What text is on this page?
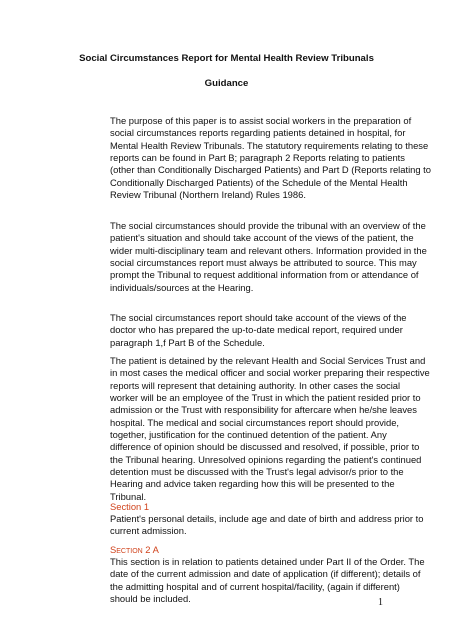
Social Circumstances Report for Mental Health Review Tribunals

Guidance

The purpose of this paper is to assist social workers in the preparation of
social circumstances reports regarding patients detained in hospital, for
Mental Health Review Tribunals. The statutory requirements relating to these
reports can be found in Part B; paragraph 2 Reports relating to patients
(other than Conditionally Discharged Patients) and Part D (Reports relating to
Conditionally Discharged Patients) of the Schedule of the Mental Health
Review Tribunal (Northern Ireland) Rules 1986.
The social circumstances should provide the tribunal with an overview of the
patient's situation and should take account of the views of the patient, the
wider multi-disciplinary team and relevant others. Information provided in the
social circumstances report must always be attributed to source. This may
prompt the Tribunal to request additional information from or attendance of
individuals/sources at the Hearing.
The social circumstances report should take account of the views of the
doctor who has prepared the up-to-date medical report, required under
paragraph 1,f Part B of the Schedule.
The patient is detained by the relevant Health and Social Services Trust and
in most cases the medical officer and social worker preparing their respective
reports will represent that detaining authority. In other cases the social
worker will be an employee of the Trust in which the patient resided prior to
admission or the Trust with responsibility for aftercare when he/she leaves
hospital. The medical and social circumstances report should provide,
together, justification for the continued detention of the patient. Any
difference of opinion should be discussed and resolved, if possible, prior to
the Tribunal hearing. Unresolved opinions regarding the patient's continued
detention must be discussed with the Trust's legal advisor/s prior to the
Hearing and advice taken regarding how this will be presented to the
Tribunal.

Section 1

Patient's personal details, include age and date of birth and address prior to
current admission.

Section 2 A

This section is in relation to patients detained under Part II of the Order. The
date of the current admission and date of application (if different); details of
the admitting hospital and of current hospital/facility, (again if different)
should be included.	1
